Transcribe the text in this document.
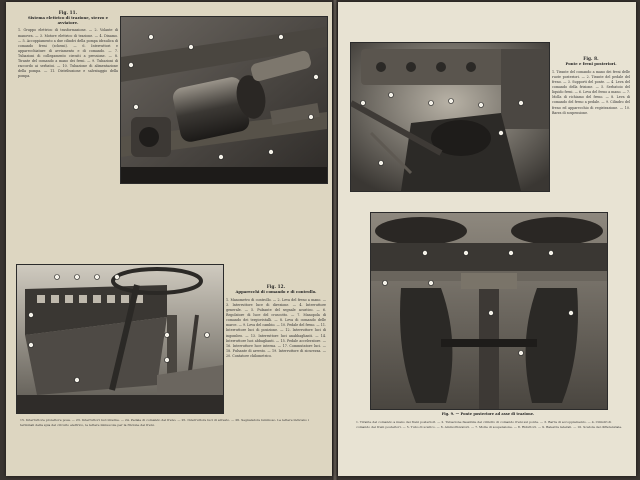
Fig. 11.
Sistema elettrico di trazione, sterzo e avviatore.
1. Gruppo elettrico di trasformazione. — 2. Volante di manovra. — 3. Motore elettrico di trazione. — 4. Dinamo. — 5. Accoppiamento a due cilindri della pompa idraulica di comando freni (schemi). — 6. Interruttori e apparecchiature di avviamento e di comando. — 7. Tubazioni di collegamento circuiti a pressione. — 8. Tirante del comando a mano dei freni. — 9. Tubazioni di raccordo ai serbatoi. — 10. Tubazione di alimentazione della pompa. — 11. Distribuzione e salvataggio della pompa.
Fig. 12.
Apparecchi di comando e di controllo.
1. Manometro di controllo. — 2. Leva del freno a mano. — 3. Interruttore luce di direzione. — 4. Interruttore generale. — 5. Pulsante del segnale acustico. — 6. Regolatore di luce del cruscotto. — 7. Manopola di comando dei tergicristalli. — 8. Leva di comando delle marce. — 9. Leva del cambio. — 10. Pedale del freno. — 11. Interruttore luci di posizione. — 12. Interruttore luci di ingombro. — 13. Interruttore luci anabbaglianti. — 14. Interruttore luci abbaglianti. — 15. Pedale acceleratore. — 16. Interruttore luce interna. — 17. Commutatore luci. — 18. Pulsante di arresto. — 19. Interruttore di sicurezza. — 20. Contatore chilometrico.
15. Interruttore proiettore posa. — 23. Interruttori luci interne. — 24. Pedale di comando del freno. — 25. Interruttore luci di arresto. — 26. Segnalatore luminoso. Le lettere indicano i terminali della spia del circuito elettrico, le lettere minuscole per la frizione dei freni.
Fig. 8.
Ponte e freni posteriori.
1. Tirante del comando a mano dei freni delle ruote posteriori. — 2. Tirante del pedale del freno. — 3. Supporti del ponte. — 4. Leva del comando della frizione. — 5. Serbatoio del liquido freni. — 6. Leva del freno a mano. — 7. Molla di richiamo del freno. — 8. Leva di comando del freno a pedale. — 9. Cilindro del freno ed apparecchio di registrazione. — 10. Barra di sospensione.
Fig. 9. — Ponte posteriore ad asse di trazione.
1. Tirante del comando a mano dei freni posteriori. — 2. Tubazione flessibile del cilindro di comando freni sul ponte. — 3. Barra di accoppiamento. — 4. Cilindri di comando dei freni posteriori. — 5. Tubo di scarico. — 6. Ammortizzatori. — 7. Molle di sospensione. — 8. Riduttori. — 9. Balestre laterali. — 10. Scatola del differenziale.
